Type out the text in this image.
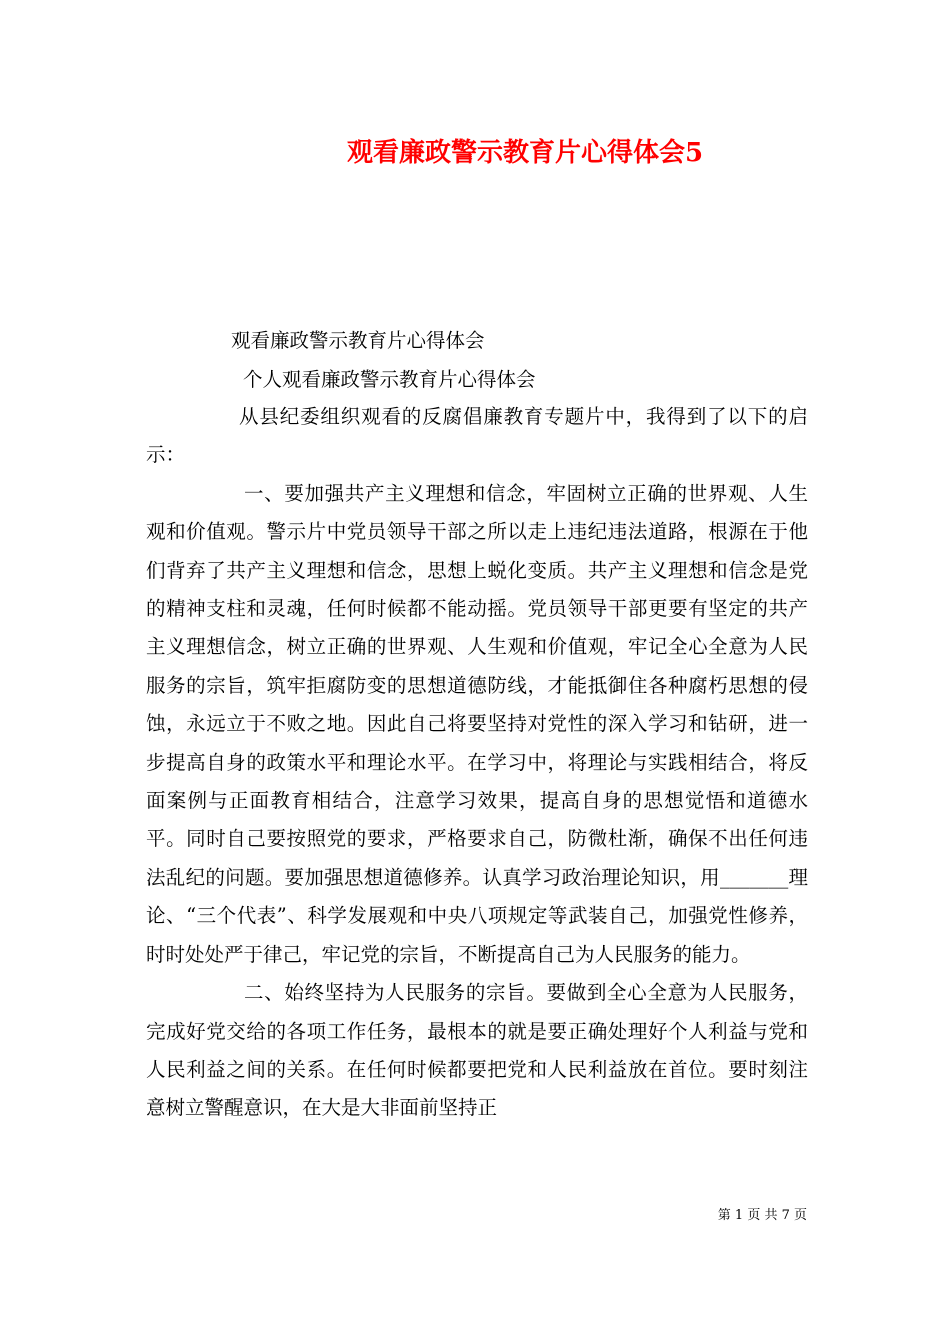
观看廉政警示教育片心得体会5
观看廉政警示教育片心得体会
个人观看廉政警示教育片心得体会

从县纪委组织观看的反腐倡廉教育专题片中，我得到了以下的启示：

一、要加强共产主义理想和信念，牢固树立正确的世界观、人生观和价值观。警示片中党员领导干部之所以走上违纪违法道路，根源在于他们背弃了共产主义理想和信念，思想上蜕化变质。共产主义理想和信念是党的精神支柱和灵魂，任何时候都不能动摇。党员领导干部更要有坚定的共产主义理想信念，树立正确的世界观、人生观和价值观，牢记全心全意为人民服务的宗旨，筑牢拒腐防变的思想道德防线，才能抵御住各种腐朽思想的侵蚀，永远立于不败之地。因此自己将要坚持对党性的深入学习和钻研，进一步提高自身的政策水平和理论水平。在学习中，将理论与实践相结合，将反面案例与正面教育相结合，注意学习效果，提高自身的思想觉悟和道德水平。同时自己要按照党的要求，严格要求自己，防微杜渐，确保不出任何违法乱纪的问题。要加强思想道德修养。认真学习政治理论知识，用_______理论、“三个代表”、科学发展观和中央八项规定等武装自己，加强党性修养，时时处处严于律己，牢记党的宗旨，不断提高自己为人民服务的能力。

二、始终坚持为人民服务的宗旨。要做到全心全意为人民服务，完成好党交给的各项工作任务，最根本的就是要正确处理好个人利益与党和人民利益之间的关系。在任何时候都要把党和人民利益放在首位。要时刻注意树立警醒意识，在大是大非面前坚持正

第 1 页 共 7 页
